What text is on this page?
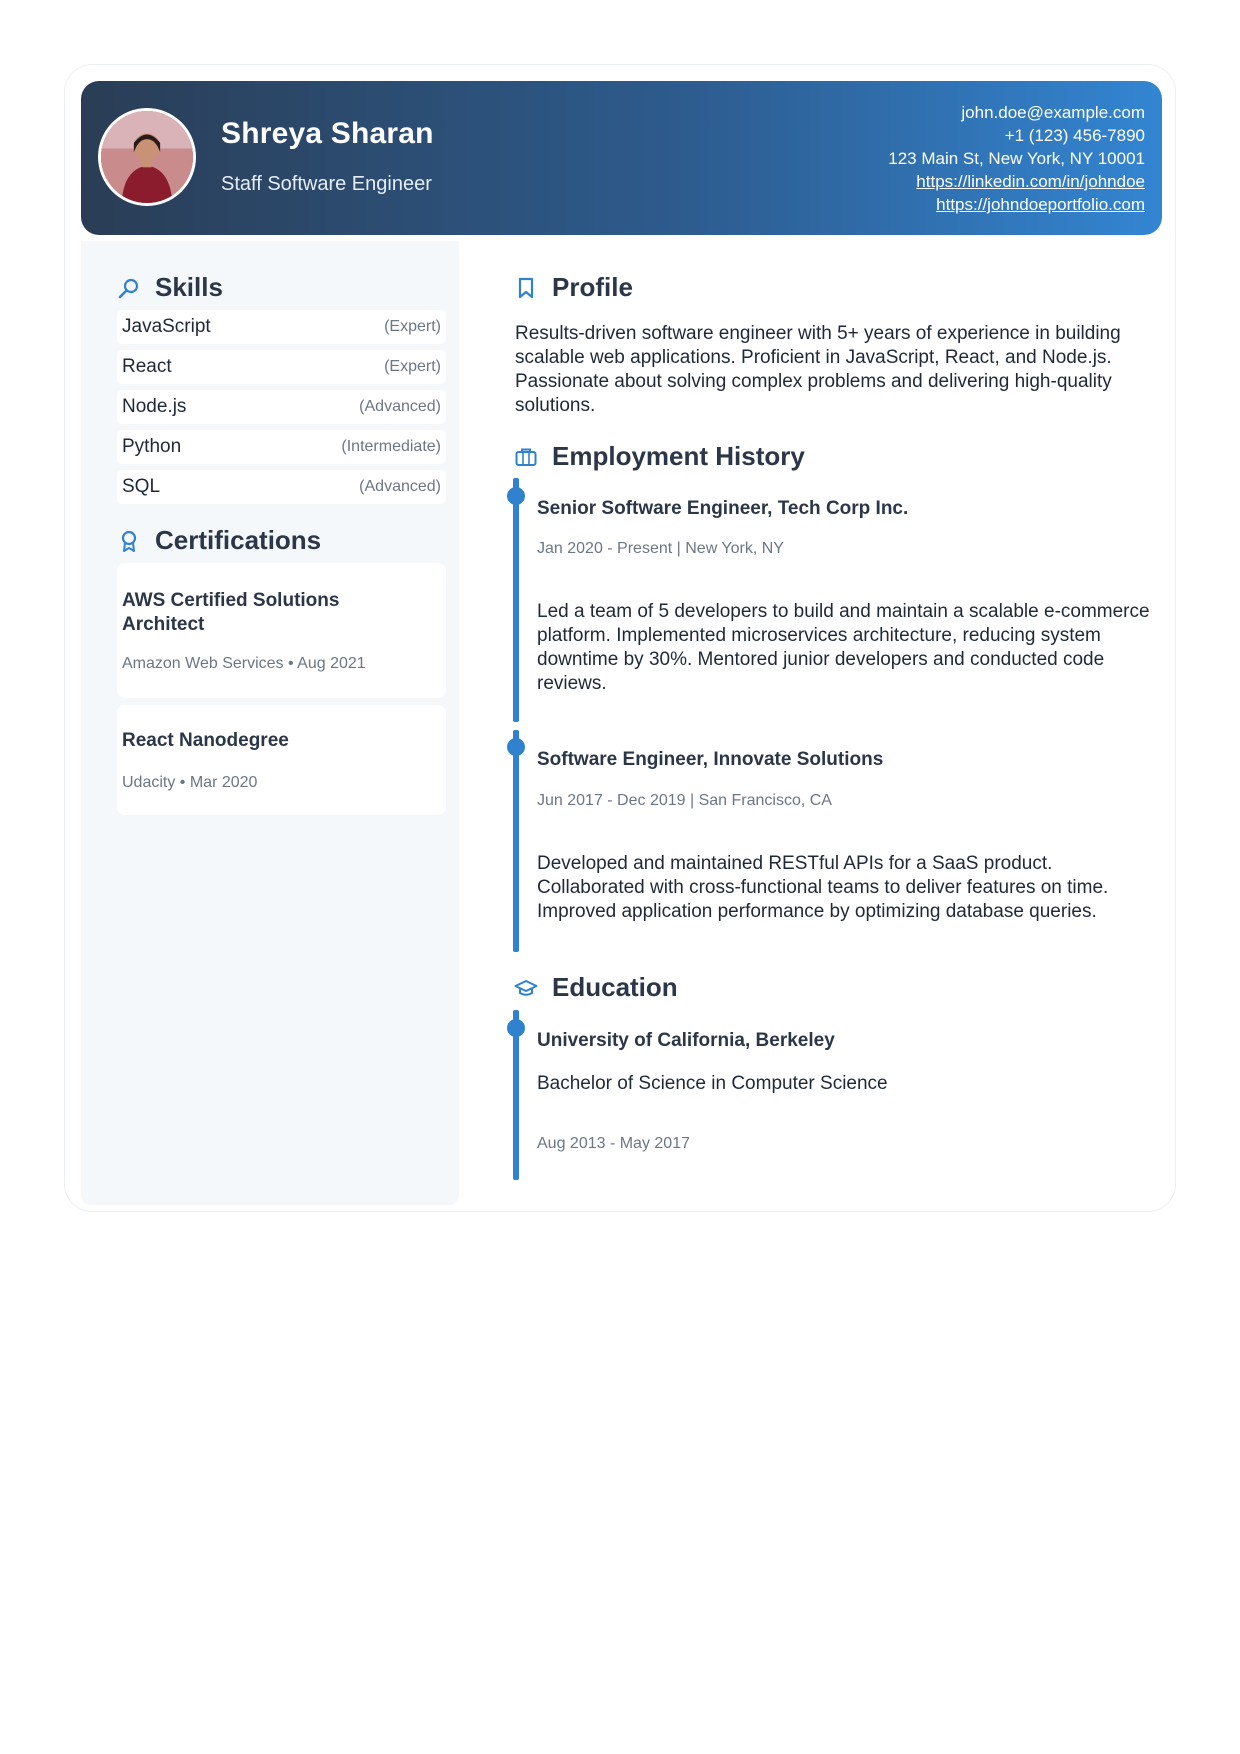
Shreya Sharan
Staff Software Engineer
john.doe@example.com
+1 (123) 456-7890
123 Main St, New York, NY 10001
https://linkedin.com/in/johndoe
https://johndoeportfolio.com
Skills
JavaScript	(Expert)
React	(Expert)
Node.js	(Advanced)
Python	(Intermediate)
SQL	(Advanced)
Certifications
AWS Certified Solutions Architect
Amazon Web Services • Aug 2021
React Nanodegree
Udacity • Mar 2020
Profile
Results-driven software engineer with 5+ years of experience in building scalable web applications. Proficient in JavaScript, React, and Node.js. Passionate about solving complex problems and delivering high-quality solutions.
Employment History
Senior Software Engineer, Tech Corp Inc.
Jan 2020 - Present | New York, NY
Led a team of 5 developers to build and maintain a scalable e-commerce platform. Implemented microservices architecture, reducing system downtime by 30%. Mentored junior developers and conducted code reviews.
Software Engineer, Innovate Solutions
Jun 2017 - Dec 2019 | San Francisco, CA
Developed and maintained RESTful APIs for a SaaS product. Collaborated with cross-functional teams to deliver features on time. Improved application performance by optimizing database queries.
Education
University of California, Berkeley
Bachelor of Science in Computer Science
Aug 2013 - May 2017
